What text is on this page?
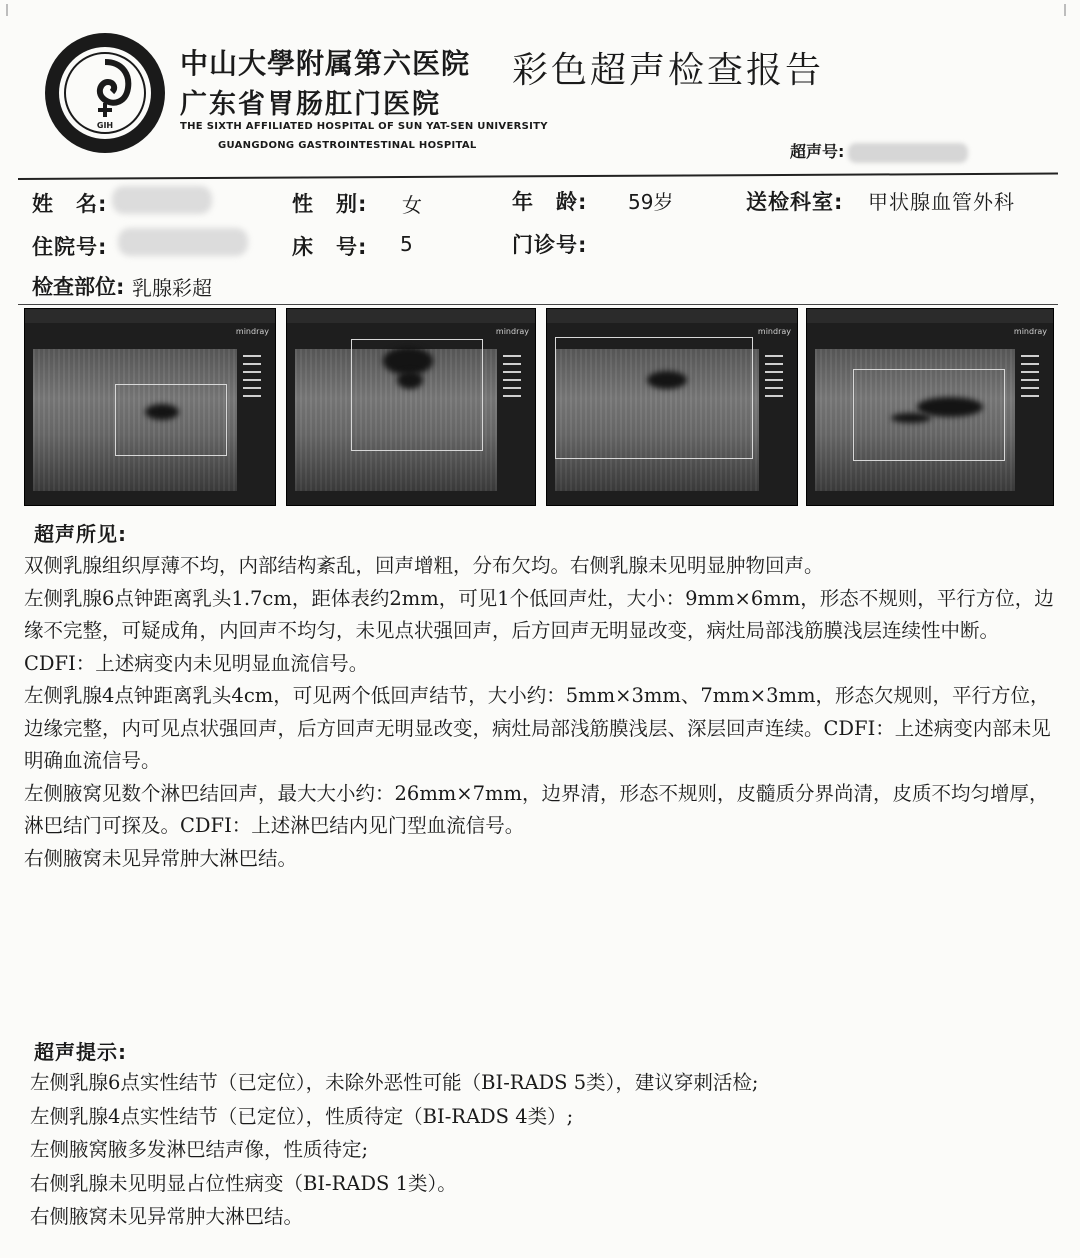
GIH
中山大學附属第六医院
广东省胃肠肛门医院
THE SIXTH AFFILIATED HOSPITAL OF SUN YAT-SEN UNIVERSITY
GUANGDONG GASTROINTESTINAL HOSPITAL
彩色超声检查报告
超声号:
姓　名:	性　别: 女	年　龄: 59岁	送检科室: 甲状腺血管外科
住院号:	床　号: 5	门诊号:
检查部位: 乳腺彩超
mindray	mindray	mindray	mindray
超声所见:

双侧乳腺组织厚薄不均，内部结构紊乱，回声增粗，分布欠均。右侧乳腺未见明显肿物回声。

左侧乳腺6点钟距离乳头1.7cm，距体表约2mm，可见1个低回声灶，大小：9mm×6mm，形态不规则，平行方位，边缘不完整，可疑成角，内回声不均匀，未见点状强回声，后方回声无明显改变，病灶局部浅筋膜浅层连续性中断。CDFI：上述病变内未见明显血流信号。

左侧乳腺4点钟距离乳头4cm，可见两个低回声结节，大小约：5mm×3mm、7mm×3mm，形态欠规则，平行方位，边缘完整，内可见点状强回声，后方回声无明显改变，病灶局部浅筋膜浅层、深层回声连续。CDFI：上述病变内部未见明确血流信号。

左侧腋窝见数个淋巴结回声，最大大小约：26mm×7mm，边界清，形态不规则，皮髓质分界尚清，皮质不均匀增厚，淋巴结门可探及。CDFI：上述淋巴结内见门型血流信号。

右侧腋窝未见异常肿大淋巴结。

超声提示:

左侧乳腺6点实性结节（已定位），未除外恶性可能（BI-RADS 5类），建议穿刺活检;

左侧乳腺4点实性结节（已定位），性质待定（BI-RADS 4类）;

左侧腋窝腋多发淋巴结声像，性质待定;

右侧乳腺未见明显占位性病变（BI-RADS 1类）。

右侧腋窝未见异常肿大淋巴结。
